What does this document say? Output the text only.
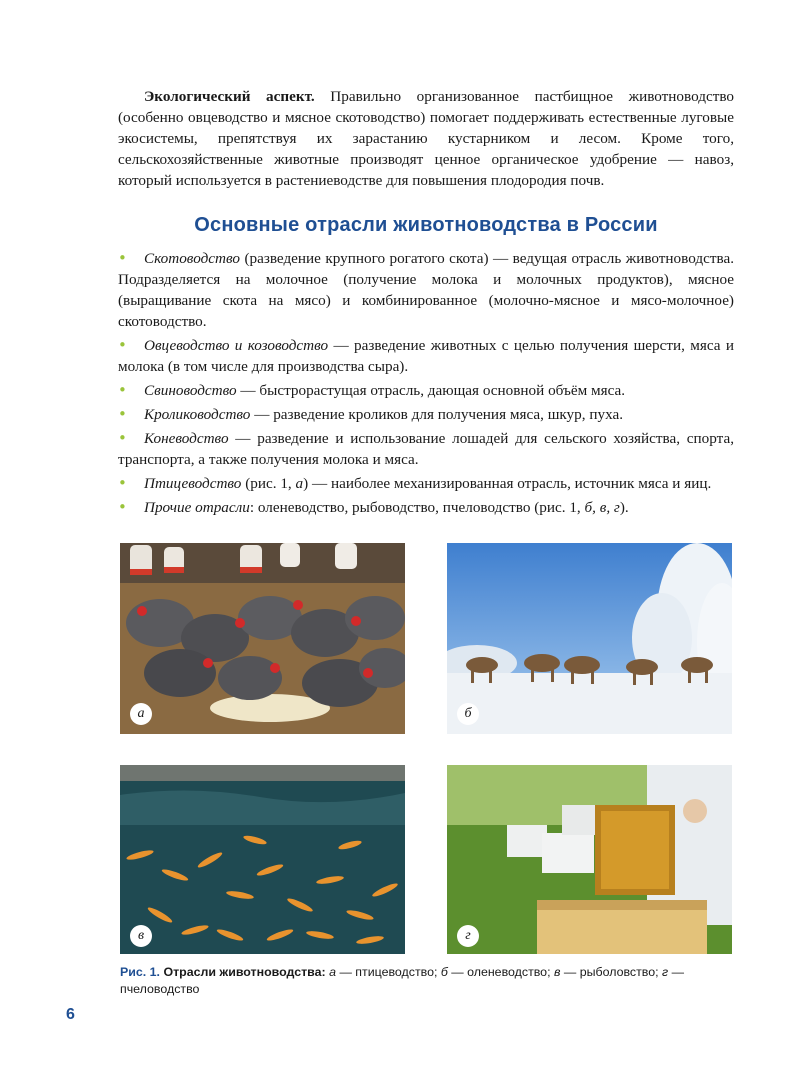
Экологический аспект. Правильно организованное пастбищное животноводство (особенно овцеводство и мясное скотоводство) помогает поддерживать естественные луговые экосистемы, препятствуя их зарастанию кустарником и лесом. Кроме того, сельскохозяйственные животные производят ценное органическое удобрение — навоз, который используется в растениеводстве для повышения плодородия почв.

Основные отрасли животноводства в России
• Скотоводство (разведение крупного рогатого скота) — ведущая отрасль животноводства. Подразделяется на молочное (получение молока и молочных продуктов), мясное (выращивание скота на мясо) и комбинированное (молочно-мясное и мясо-молочное) скотоводство.
• Овцеводство и козоводство — разведение животных с целью получения шерсти, мяса и молока (в том числе для производства сыра).
• Свиноводство — быстрорастущая отрасль, дающая основной объём мяса.
• Кролиководство — разведение кроликов для получения мяса, шкур, пуха.
• Коневодство — разведение и использование лошадей для сельского хозяйства, спорта, транспорта, а также получения молока и мяса.
• Птицеводство (рис. 1, а) — наиболее механизированная отрасль, источник мяса и яиц.
• Прочие отрасли: оленеводство, рыбоводство, пчеловодство (рис. 1, б, в, г).
а	б
в	г

Рис. 1. Отрасли животноводства: а — птицеводство; б — оленеводство; в — рыболовство; г — пчеловодство

6
